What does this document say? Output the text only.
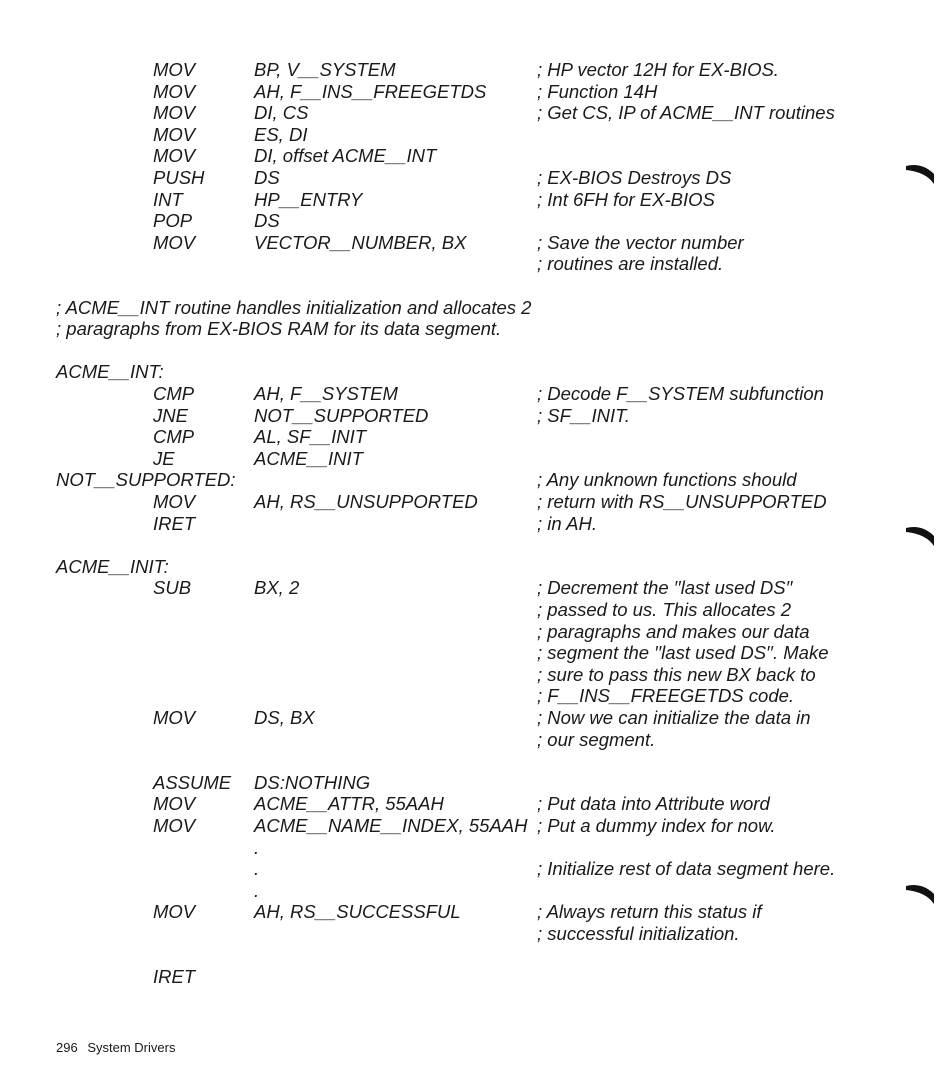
MOV	BP, V__SYSTEM	; HP vector 12H for EX-BIOS.
MOV	AH, F__INS__FREEGETDS	; Function 14H
MOV	DI, CS	; Get CS, IP of ACME__INT routines
MOV	ES, DI
MOV	DI, offset ACME__INT
PUSH	DS	; EX-BIOS Destroys DS
INT	HP__ENTRY	; Int 6FH for EX-BIOS
POP	DS
MOV	VECTOR__NUMBER, BX	; Save the vector number
; routines are installed.
; ACME__INT routine handles initialization and allocates 2
; paragraphs from EX-BIOS RAM for its data segment.
ACME__INT:
CMP	AH, F__SYSTEM	; Decode F__SYSTEM subfunction
JNE	NOT__SUPPORTED	; SF__INIT.
CMP	AL, SF__INIT
JE	ACME__INIT
NOT__SUPPORTED:	; Any unknown functions should
MOV	AH, RS__UNSUPPORTED	; return with RS__UNSUPPORTED
IRET	; in AH.
ACME__INIT:
SUB	BX, 2	; Decrement the ′′last used DS′′
; passed to us. This allocates 2
; paragraphs and makes our data
; segment the ′′last used DS′′. Make
; sure to pass this new BX back to
; F__INS__FREEGETDS code.
MOV	DS, BX	; Now we can initialize the data in
; our segment.
ASSUME DS:NOTHING
MOV	ACME__ATTR, 55AAH	; Put data into Attribute word
MOV	ACME__NAME__INDEX, 55AAH ; Put a dummy index for now.
.
.	; Initialize rest of data segment here.
.
MOV	AH, RS__SUCCESSFUL	; Always return this status if
; successful initialization.
IRET
296 System Drivers
